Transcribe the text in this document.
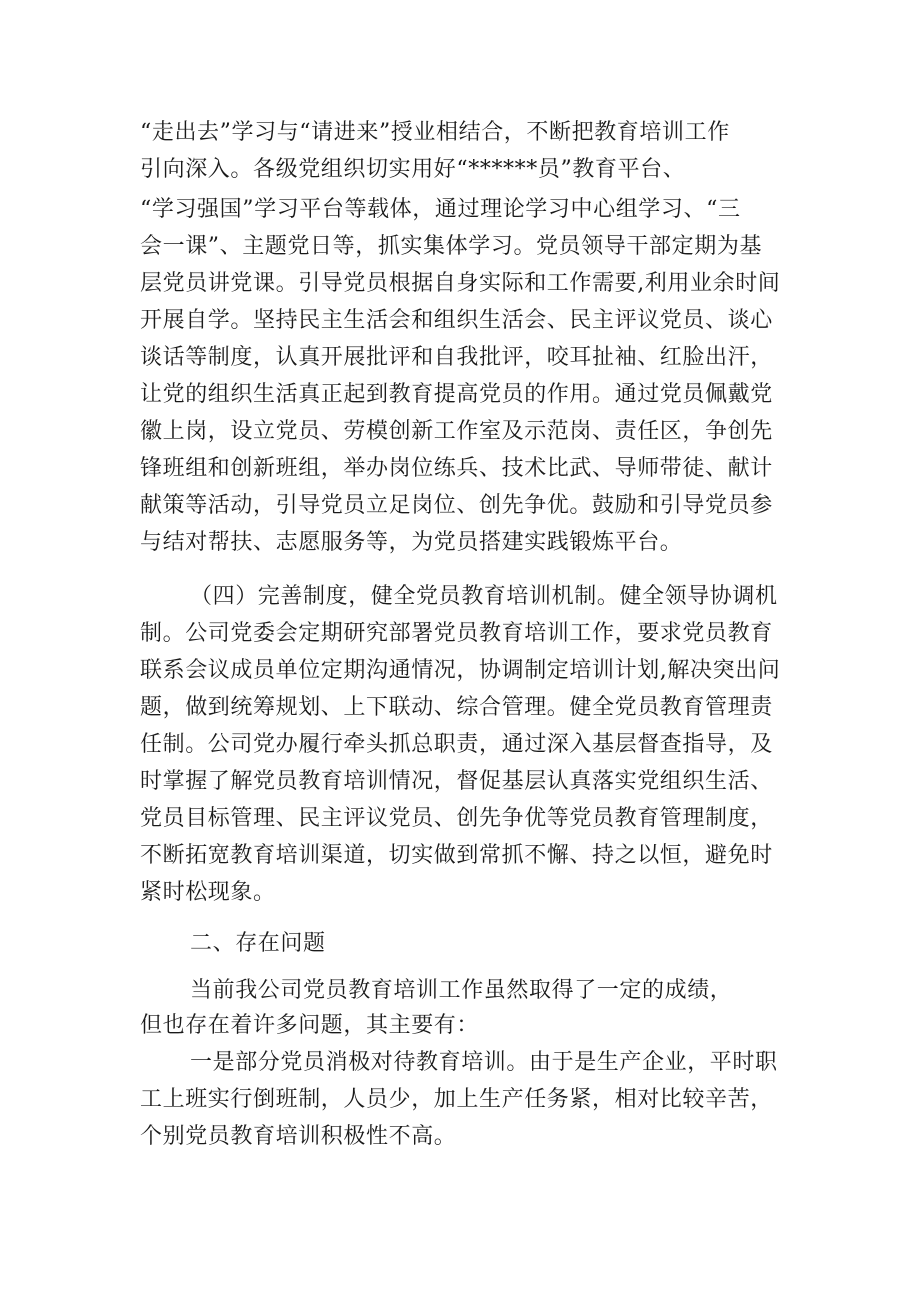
“走出去”学习与“请进来”授业相结合，不断把教育培训工作
引向深入。各级党组织切实用好“******员”教育平台、
“学习强国”学习平台等载体，通过理论学习中心组学习、“三
会一课”、主题党日等，抓实集体学习。党员领导干部定期为基
层党员讲党课。引导党员根据自身实际和工作需要,利用业余时间
开展自学。坚持民主生活会和组织生活会、民主评议党员、谈心
谈话等制度，认真开展批评和自我批评，咬耳扯袖、红脸出汗，
让党的组织生活真正起到教育提高党员的作用。通过党员佩戴党
徽上岗，设立党员、劳模创新工作室及示范岗、责任区，争创先
锋班组和创新班组，举办岗位练兵、技术比武、导师带徒、献计
献策等活动，引导党员立足岗位、创先争优。鼓励和引导党员参
与结对帮扶、志愿服务等，为党员搭建实践锻炼平台。
（四）完善制度，健全党员教育培训机制。健全领导协调机
制。公司党委会定期研究部署党员教育培训工作，要求党员教育
联系会议成员单位定期沟通情况，协调制定培训计划,解决突出问
题，做到统筹规划、上下联动、综合管理。健全党员教育管理责
任制。公司党办履行牵头抓总职责，通过深入基层督查指导，及
时掌握了解党员教育培训情况，督促基层认真落实党组织生活、
党员目标管理、民主评议党员、创先争优等党员教育管理制度，
不断拓宽教育培训渠道，切实做到常抓不懈、持之以恒，避免时
紧时松现象。
二、存在问题
当前我公司党员教育培训工作虽然取得了一定的成绩，
但也存在着许多问题，其主要有：
一是部分党员消极对待教育培训。由于是生产企业，平时职
工上班实行倒班制，人员少，加上生产任务紧，相对比较辛苦，
个别党员教育培训积极性不高。
